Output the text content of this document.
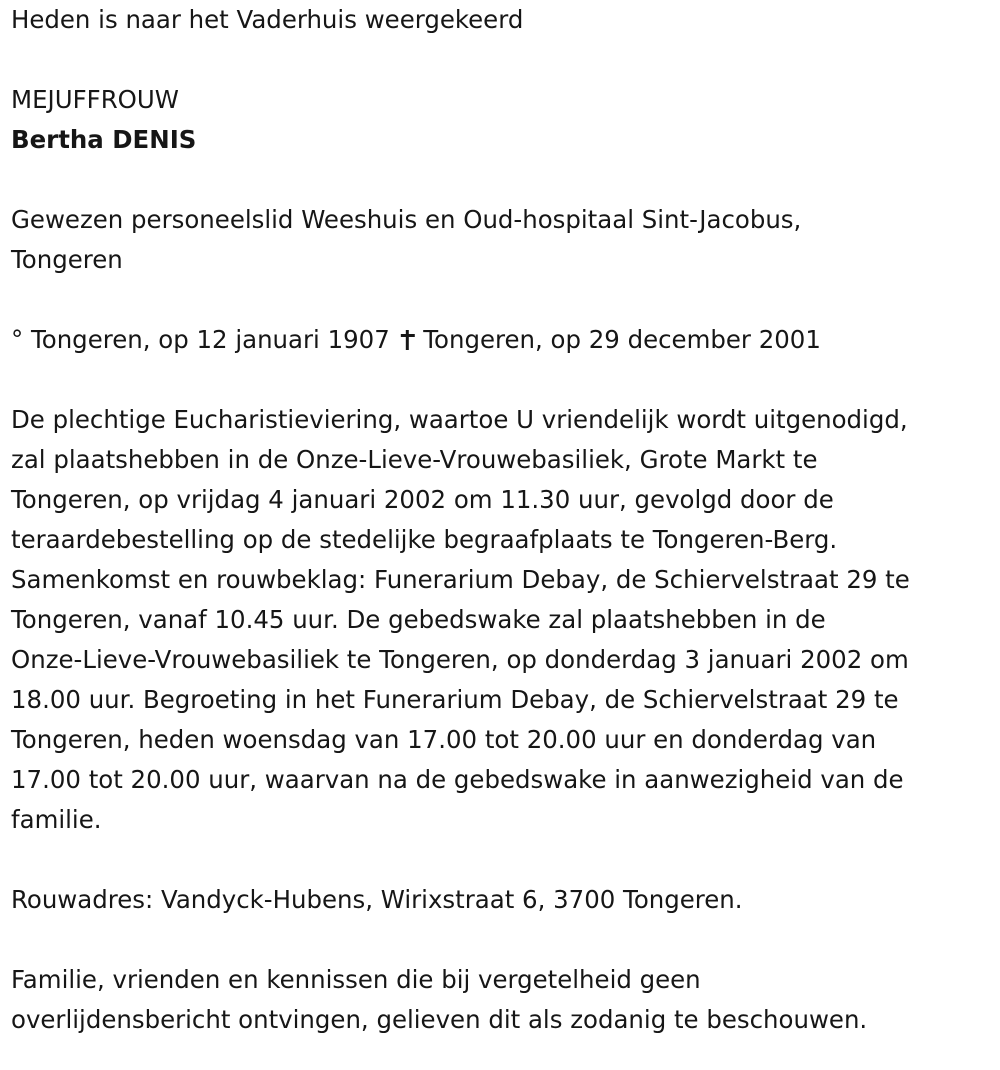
Heden is naar het Vaderhuis weergekeerd

MEJUFFROUW

Bertha DENIS

Gewezen personeelslid Weeshuis en Oud-hospitaal Sint-Jacobus,

Tongeren

° Tongeren, op 12 januari 1907 Tongeren, op 29 december 2001

De plechtige Eucharistieviering, waartoe U vriendelijk wordt uitgenodigd,

zal plaatshebben in de Onze-Lieve-Vrouwebasiliek, Grote Markt te

Tongeren, op vrijdag 4 januari 2002 om 11.30 uur, gevolgd door de

teraardebestelling op de stedelijke begraafplaats te Tongeren-Berg.

Samenkomst en rouwbeklag: Funerarium Debay, de Schiervelstraat 29 te

Tongeren, vanaf 10.45 uur. De gebedswake zal plaatshebben in de

Onze-Lieve-Vrouwebasiliek te Tongeren, op donderdag 3 januari 2002 om

18.00 uur. Begroeting in het Funerarium Debay, de Schiervelstraat 29 te

Tongeren, heden woensdag van 17.00 tot 20.00 uur en donderdag van

17.00 tot 20.00 uur, waarvan na de gebedswake in aanwezigheid van de

familie.

Rouwadres: Vandyck-Hubens, Wirixstraat 6, 3700 Tongeren.

Familie, vrienden en kennissen die bij vergetelheid geen

overlijdensbericht ontvingen, gelieven dit als zodanig te beschouwen.
